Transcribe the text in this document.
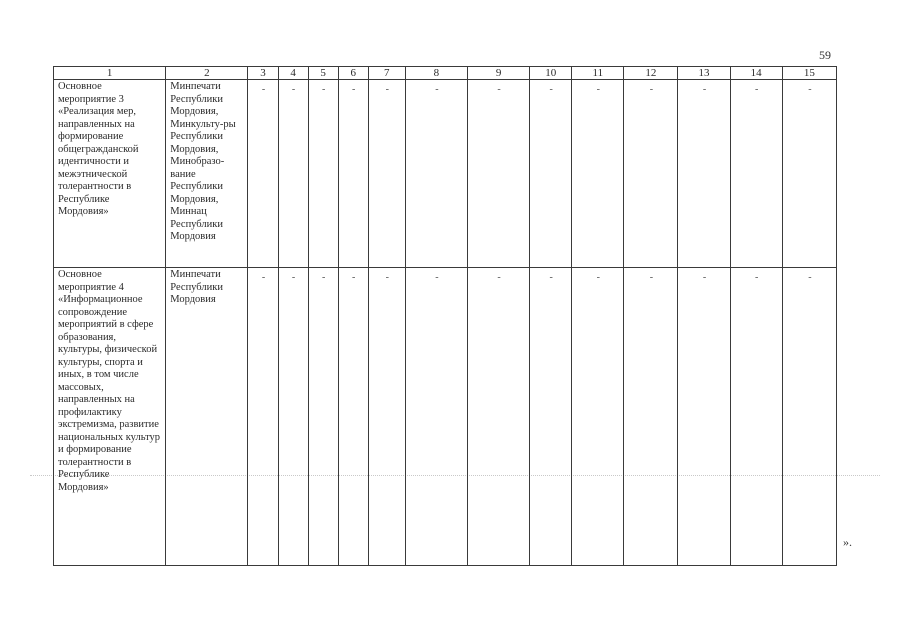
59
1	2	3	4	5	6	7	8	9	10	11	12	13	14	15
Основное мероприятие 3 «Реализация мер, направленных на формирование общегражданской идентичности и межэтнической толерантности в Республике Мордовия»	Минпечати Республики Мордовия, Минкульту-ры Республики Мордовия, Минобразо-вание Республики Мордовия, Миннац Республики Мордовия	-	-	-	-	-	-	-	-	-	-	-	-	-
Основное мероприятие 4 «Информационное сопровождение мероприятий в сфере образования, культуры, физической культуры, спорта и иных, в том числе массовых, направленных на профилактику экстремизма, развитие национальных культур и формирование толерантности в Республике Мордовия»	Минпечати Республики Мордовия	-	-	-	-	-	-	-	-	-	-	-	-	-
».
